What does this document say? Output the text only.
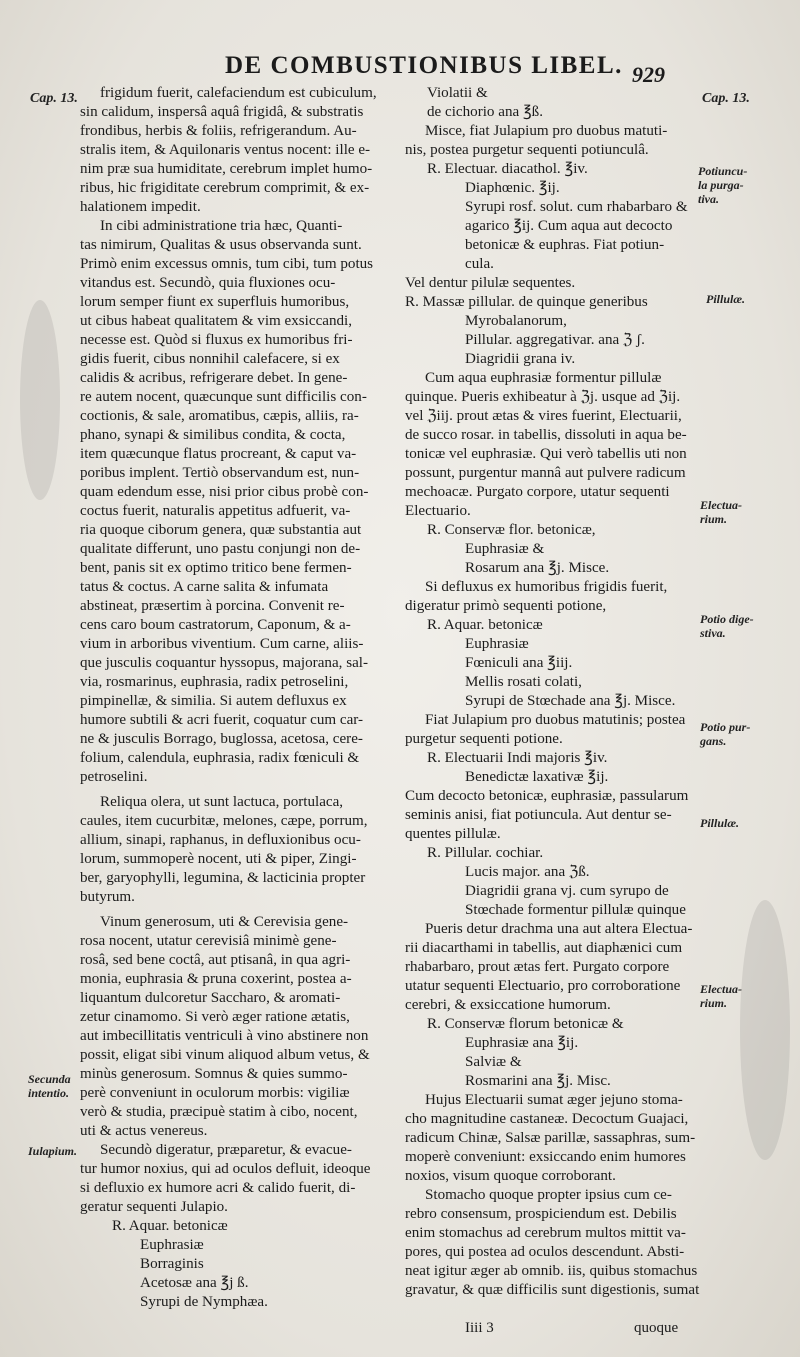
DE COMBUSTIONIBUS LIBEL. 929
Cap. 13.	Cap. 13.
Potiuncu-
la purga-
tiva.
Pillulæ.
Electua-
rium.
Potio dige-
stiva.
Potio pur-
gans.
Pillulæ.
Electua-
rium.
Secunda
intentio.
Iulapium.

frigidum fuerit, calefaciendum est cubiculum,

sin calidum, inspersâ aquâ frigidâ, & substratis

frondibus, herbis & foliis, refrigerandum. Au-

stralis item, & Aquilonaris ventus nocent: ille e-

nim præ sua humiditate, cerebrum implet humo-

ribus, hic frigiditate cerebrum comprimit, & ex-

halationem impedit.

In cibi administratione tria hæc, Quanti-

tas nimirum, Qualitas & usus observanda sunt.

Primò enim excessus omnis, tum cibi, tum potus

vitandus est. Secundò, quia fluxiones ocu-

lorum semper fiunt ex superfluis humoribus,

ut cibus habeat qualitatem & vim exsiccandi,

necesse est. Quòd si fluxus ex humoribus fri-

gidis fuerit, cibus nonnihil calefacere, si ex

calidis & acribus, refrigerare debet. In gene-

re autem nocent, quæcunque sunt difficilis con-

coctionis, & sale, aromatibus, cæpis, alliis, ra-

phano, synapi & similibus condita, & cocta,

item quæcunque flatus procreant, & caput va-

poribus implent. Tertiò observandum est, nun-

quam edendum esse, nisi prior cibus probè con-

coctus fuerit, naturalis appetitus adfuerit, va-

ria quoque ciborum genera, quæ substantia aut

qualitate differunt, uno pastu conjungi non de-

bent, panis sit ex optimo tritico bene fermen-

tatus & coctus. A carne salita & infumata

abstineat, præsertim à porcina. Convenit re-

cens caro boum castratorum, Caponum, & a-

vium in arboribus viventium. Cum carne, aliis-

que jusculis coquantur hyssopus, majorana, sal-

via, rosmarinus, euphrasia, radix petroselini,

pimpinellæ, & similia. Si autem defluxus ex

humore subtili & acri fuerit, coquatur cum car-

ne & jusculis Borrago, buglossa, acetosa, cere-

folium, calendula, euphrasia, radix fœniculi &

petroselini.

Reliqua olera, ut sunt lactuca, portulaca,

caules, item cucurbitæ, melones, cæpe, porrum,

allium, sinapi, raphanus, in defluxionibus ocu-

lorum, summoperè nocent, uti & piper, Zingi-

ber, garyophylli, legumina, & lacticinia propter

butyrum.

Vinum generosum, uti & Cerevisia gene-

rosa nocent, utatur cerevisiâ minimè gene-

rosâ, sed bene coctâ, aut ptisanâ, in qua agri-

monia, euphrasia & pruna coxerint, postea a-

liquantum dulcoretur Saccharo, & aromati-

zetur cinamomo. Si verò æger ratione ætatis,

aut imbecillitatis ventriculi à vino abstinere non

possit, eligat sibi vinum aliquod album vetus, &

minùs generosum. Somnus & quies summo-

perè conveniunt in oculorum morbis: vigiliæ

verò & studia, præcipuè statim à cibo, nocent,

uti & actus venereus.

Secundò digeratur, præparetur, & evacue-

tur humor noxius, qui ad oculos defluit, ideoque

si defluxio ex humore acri & calido fuerit, di-

geratur sequenti Julapio.

R. Aquar. betonicæ

Euphrasiæ

Borraginis

Acetosæ ana ℥j ß.

Syrupi de Nymphæa.

Violatii &

de cichorio ana ℥ß.

Misce, fiat Julapium pro duobus matuti-

nis, postea purgetur sequenti potiunculâ.

R. Electuar. diacathol. ℥iv.

Diaphœnic. ℥ij.

Syrupi rosf. solut. cum rhabarbaro &

agarico ℥ij. Cum aqua aut decocto

betonicæ & euphras. Fiat potiun-

cula.

Vel dentur pilulæ sequentes.

R. Massæ pillular. de quinque generibus

Myrobalanorum,

Pillular. aggregativar. ana ℨ ʃ.

Diagridii grana iv.

Cum aqua euphrasiæ formentur pillulæ

quinque. Pueris exhibeatur à ℨj. usque ad ℨij.

vel ℨiij. prout ætas & vires fuerint, Electuarii,

de succo rosar. in tabellis, dissoluti in aqua be-

tonicæ vel euphrasiæ. Qui verò tabellis uti non

possunt, purgentur mannâ aut pulvere radicum

mechoacæ. Purgato corpore, utatur sequenti

Electuario.

R. Conservæ flor. betonicæ,

Euphrasiæ &

Rosarum ana ℥j. Misce.

Si defluxus ex humoribus frigidis fuerit,

digeratur primò sequenti potione,

R. Aquar. betonicæ

Euphrasiæ

Fœniculi ana ℥iij.

Mellis rosati colati,

Syrupi de Stœchade ana ℥j. Misce.

Fiat Julapium pro duobus matutinis; postea

purgetur sequenti potione.

R. Electuarii Indi majoris ℥iv.

Benedictæ laxativæ ℥ij.

Cum decocto betonicæ, euphrasiæ, passularum

seminis anisi, fiat potiuncula. Aut dentur se-

quentes pillulæ.

R. Pillular. cochiar.

Lucis major. ana ℨß.

Diagridii grana vj. cum syrupo de

Stœchade formentur pillulæ quinque

Pueris detur drachma una aut altera Electua-

rii diacarthami in tabellis, aut diaphænici cum

rhabarbaro, prout ætas fert. Purgato corpore

utatur sequenti Electuario, pro corroboratione

cerebri, & exsiccatione humorum.

R. Conservæ florum betonicæ &

Euphrasiæ ana ℥ij.

Salviæ &

Rosmarini ana ℥j. Misc.

Hujus Electuarii sumat æger jejuno stoma-

cho magnitudine castaneæ. Decoctum Guajaci,

radicum Chinæ, Salsæ parillæ, sassaphras, sum-

moperè conveniunt: exsiccando enim humores

noxios, visum quoque corroborant.

Stomacho quoque propter ipsius cum ce-

rebro consensum, prospiciendum est. Debilis

enim stomachus ad cerebrum multos mittit va-

pores, qui postea ad oculos descendunt. Absti-

neat igitur æger ab omnib. iis, quibus stomachus

gravatur, & quæ difficilis sunt digestionis, sumat

Iiii 3	quoque
